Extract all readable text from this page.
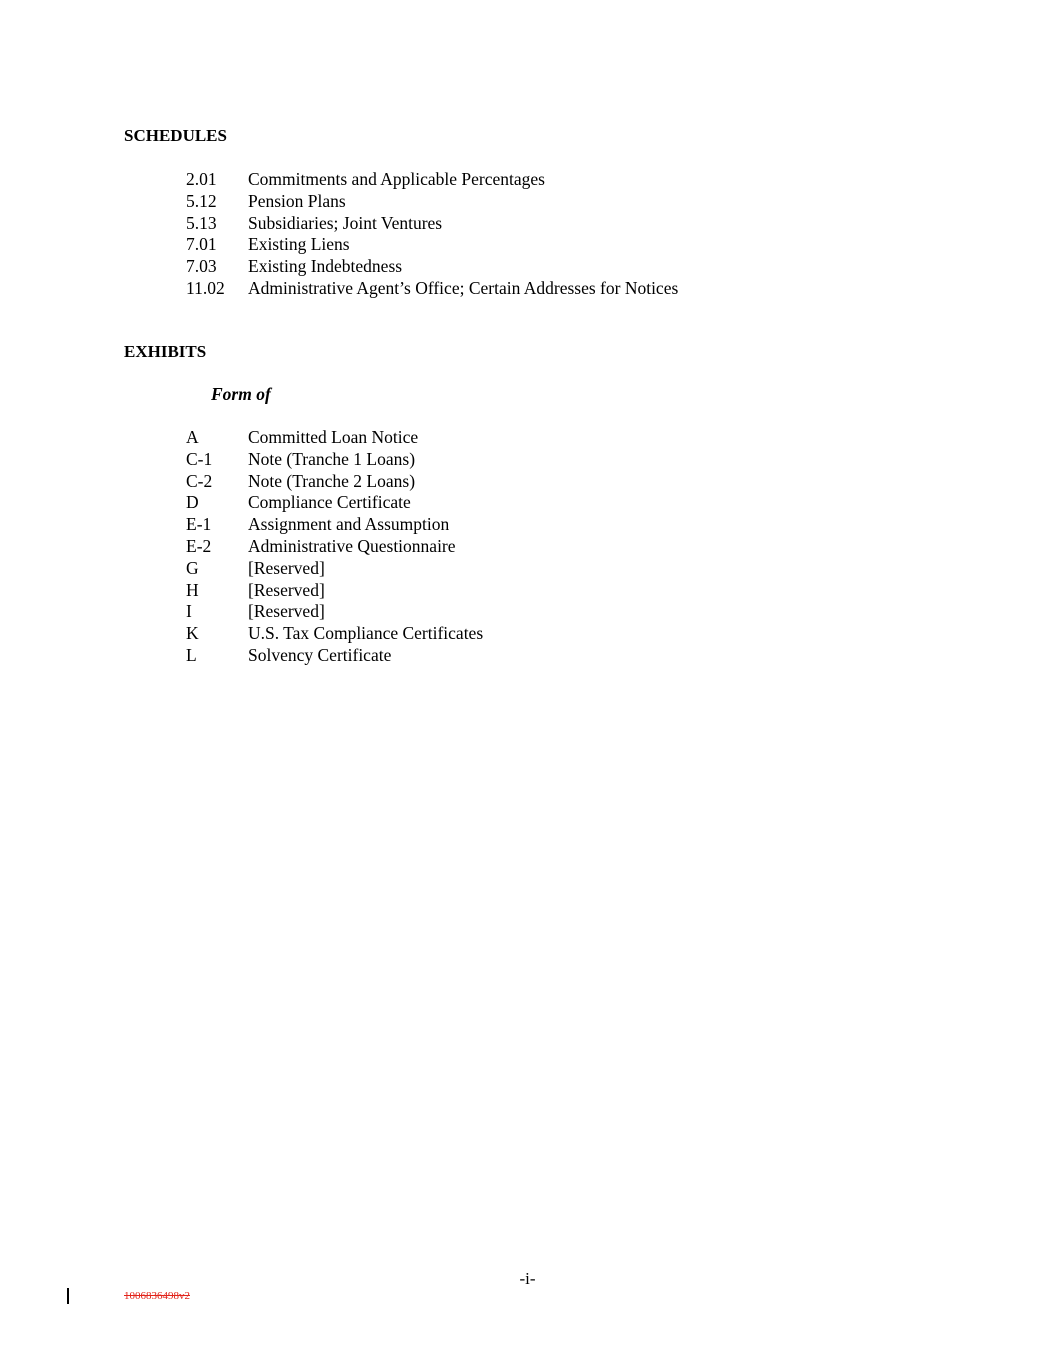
SCHEDULES
2.01 Commitments and Applicable Percentages
5.12 Pension Plans
5.13 Subsidiaries; Joint Ventures
7.01 Existing Liens
7.03 Existing Indebtedness
11.02 Administrative Agent’s Office; Certain Addresses for Notices
EXHIBITS
Form of
A	Committed Loan Notice
C-1 Note (Tranche 1 Loans)
C-2 Note (Tranche 2 Loans)
D	Compliance Certificate
E-1 Assignment and Assumption
E-2 Administrative Questionnaire
G	[Reserved]
H	[Reserved]
I	[Reserved]
K	U.S. Tax Compliance Certificates
L	Solvency Certificate
-i-
1006836498v2
